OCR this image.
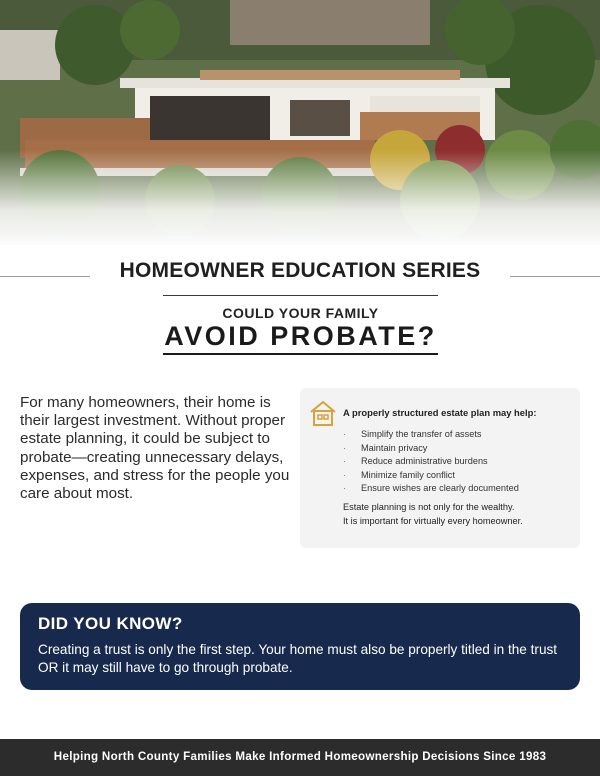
HOMEOWNER EDUCATION SERIES
COULD YOUR FAMILY
AVOID PROBATE?
For many homeowners, their home is their largest investment. Without proper estate planning, it could be subject to probate—creating unnecessary delays, expenses, and stress for the people you care about most.
A properly structured estate plan may help:
· Simplify the transfer of assets
· Maintain privacy
· Reduce administrative burdens
· Minimize family conflict
· Ensure wishes are clearly documented
Estate planning is not only for the wealthy.
It is important for virtually every homeowner.
DID YOU KNOW?
Creating a trust is only the first step. Your home must also be properly titled in the trust OR it may still have to go through probate.
Helping North County Families Make Informed Homeownership Decisions Since 1983
